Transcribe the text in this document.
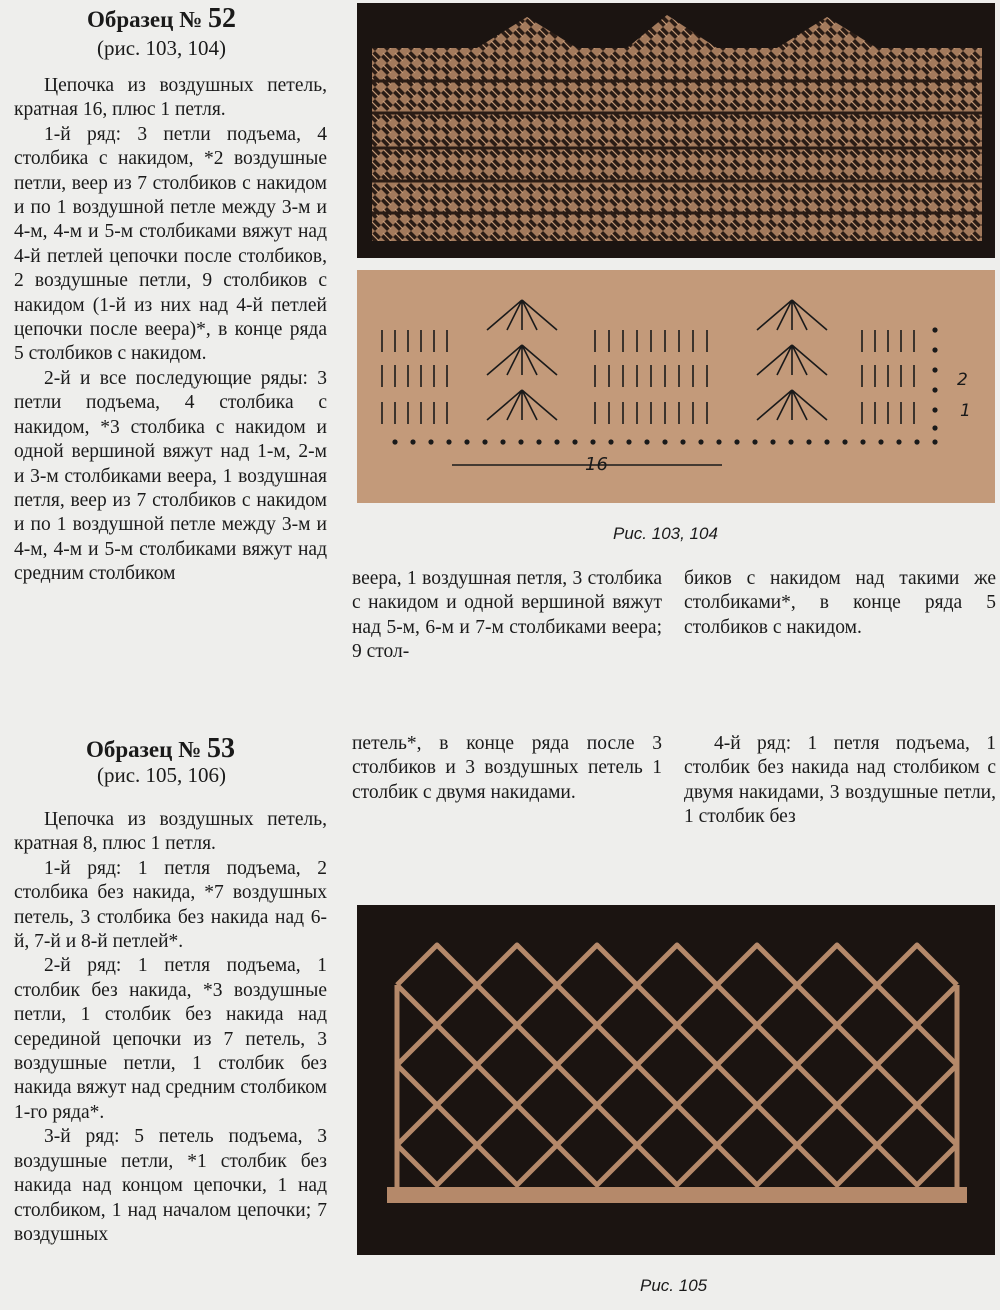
Образец № 52
(рис. 103, 104)

Цепочка из воздушных петель, кратная 16, плюс 1 петля.

1-й ряд: 3 петли подъема, 4 столбика с накидом, *2 воздушные петли, веер из 7 столбиков с накидом и по 1 воздушной петле между 3-м и 4-м, 4-м и 5-м столбиками вяжут над 4-й петлей цепочки после столбиков, 2 воздушные петли, 9 столбиков с накидом (1-й из них над 4-й петлей цепочки после веера)*, в конце ряда 5 столбиков с накидом.

2-й и все последующие ряды: 3 петли подъема, 4 столбика с накидом, *3 столбика с накидом и одной вершиной вяжут над 1-м, 2-м и 3-м столбиками веера, 1 воздушная петля, веер из 7 столбиков с накидом и по 1 воздушной петле между 3-м и 4-м, 4-м и 5-м столбиками вяжут над средним столбиком	веера, 1 воздушная петля, 3 столбика с накидом и одной вершиной вяжут над 5-м, 6-м и 7-м столбиками веера; 9 стол-
биков с накидом над такими же столбиками*, в конце ряда 5 столбиков с накидом.
16
2
1
Рис. 103, 104
Образец № 53
(рис. 105, 106)

Цепочка из воздушных петель, кратная 8, плюс 1 петля.

1-й ряд: 1 петля подъема, 2 столбика без накида, *7 воздушных петель, 3 столбика без накида над 6-й, 7-й и 8-й петлей*.

2-й ряд: 1 петля подъема, 1 столбик без накида, *3 воздушные петли, 1 столбик без накида над серединой цепочки из 7 петель, 3 воздушные петли, 1 столбик без накида вяжут над средним столбиком 1-го ряда*.

3-й ряд: 5 петель подъема, 3 воздушные петли, *1 столбик без накида над концом цепочки, 1 над столбиком, 1 над началом цепочки; 7 воздушных

петель*, в конце ряда после 3 столбиков и 3 воздушных петель 1 столбик с двумя накидами.
4-й ряд: 1 петля подъема, 1 столбик без накида над столбиком с двумя накидами, 3 воздушные петли, 1 столбик без
Рис. 105
